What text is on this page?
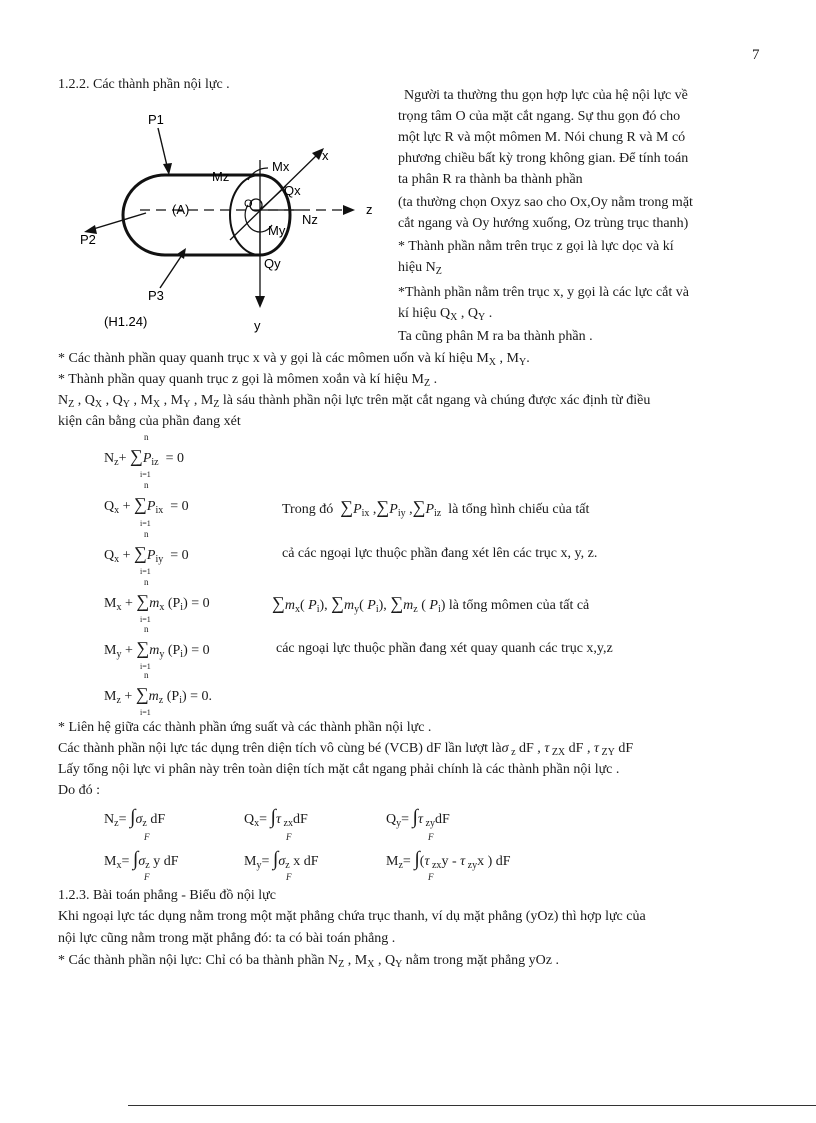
7
1.2.2. Các thành phần nội lực .
P1
P2
P3
Mz
Mx
My
Qx
Qy
Nz
(A)	O	z
x
y
(H1.24)
Người ta thường thu gọn hợp lực của hệ nội lực về
trọng tâm O của mặt cắt ngang. Sự thu gọn đó cho
một lực R và một mômen M. Nói chung R và M có
phương chiều bất kỳ trong không gian. Để tính toán
ta phân R ra thành ba thành phần
(ta thường chọn Oxyz sao cho Ox,Oy nằm trong mặt
cắt ngang và Oy hướng xuống, Oz trùng trục thanh)
* Thành phần nằm trên trục z gọi là lực dọc và kí
hiệu $N_Z$
*Thành phần nằm trên trục x, y gọi là các lực cắt và
kí hiệu $Q_X$ , $Q_Y$ .
Ta cũng phân M ra ba thành phần .
* Các thành phần quay quanh trục x và y gọi là các mômen uốn và kí hiệu $M_X$ , $M_Y$.
* Thành phần quay quanh trục z gọi là mômen xoắn và kí hiệu $M_Z$ .
$N_Z$ , $Q_X$ , $Q_Y$ , $M_X$ , $M_Y$ , $M_Z$ là sáu thành phần nội lực trên mặt cắt ngang và chúng được xác định từ điều
kiện cân bằng của phần đang xét
$N_z+ \sum P_{iz} = 0$
$Q_x + \sum P_{ix} = 0$
$Q_x + \sum P_{iy} = 0$
$M_x + \sum m_x$ $(P_i) = 0$
$M_y + \sum m_y$ $(P_i) = 0$
$M_z + \sum m_z$ $(P_i) = 0$.
n
i=1
n
i=1
n
i=1
n
i=1
n
i=1
n
i=1
Trong đó $\sum P_{ix}$ $,\sum P_{iy}$ $,\sum P_{iz}$ là tổng hình chiếu của tất
cả các ngoại lực thuộc phần đang xét lên các trục x, y, z.
$\sum m_x$( $P_i$), $\sum m_y$( $P_i$), $\sum m_z$ ( $P_i$) là tổng mômen của tất cả
các ngoại lực thuộc phần đang xét quay quanh các trục x,y,z
* Liên hệ giữa các thành phần ứng suất và các thành phần nội lực .
Các thành phần nội lực tác dụng trên diện tích vô cùng bé (VCB) dF lần lượt làσ $_z$ dF , τ $_{ZX}$ dF , τ $_{ZY}$ dF
Lấy tổng nội lực vi phân này trên toàn diện tích mặt cắt ngang phải chính là các thành phần nội lực .
Do đó :
$N_z= \int\sigma_z$ dF	$Q_x= \int\tau$ $_{zx}$dF	$Q_y= \int\tau$ $_{zy}$dF
$M_x= \int\sigma_z$ y dF	$M_y= \int\sigma_z$ x dF	$M_z= \int(\tau$ $_{zx}$y - τ $_{zy}$x ) dF
F	F	F
F	F	F
1.2.3. Bài toán phẳng - Biểu đồ nội lực
Khi ngoại lực tác dụng nằm trong một mặt phẳng chứa trục thanh, ví dụ mặt phẳng (yOz) thì hợp lực của
nội lực cũng nằm trong mặt phẳng đó: ta có bài toán phẳng .
* Các thành phần nội lực: Chỉ có ba thành phần $N_Z$ , $M_X$ , $Q_Y$ nằm trong mặt phẳng yOz .
